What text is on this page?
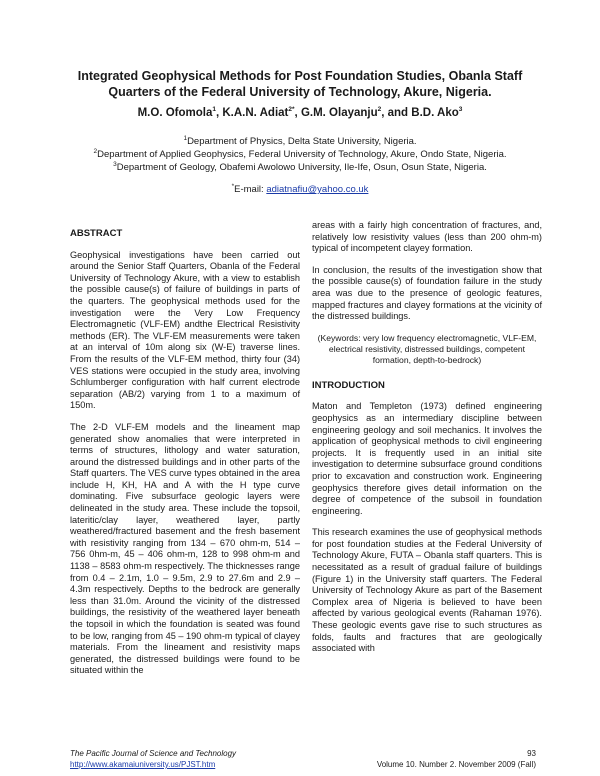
Integrated Geophysical Methods for Post Foundation Studies, Obanla Staff Quarters of the Federal University of Technology, Akure, Nigeria.
M.O. Ofomola$^1$, K.A.N. Adiat$^{2*}$, G.M. Olayanju$^2$, and B.D. Ako$^3$
$^1$Department of Physics, Delta State University, Nigeria.
$^2$Department of Applied Geophysics, Federal University of Technology, Akure, Ondo State, Nigeria.
$^3$Department of Geology, Obafemi Awolowo University, Ile-Ife, Osun, Osun State, Nigeria.
*E-mail: adiatnafiu@yahoo.co.uk
ABSTRACT

Geophysical investigations have been carried out around the Senior Staff Quarters, Obanla of the Federal University of Technology Akure, with a view to establish the possible cause(s) of failure of buildings in parts of the quarters. The geophysical methods used for the investigation were the Very Low Frequency Electromagnetic (VLF-EM) andthe Electrical Resistivity methods (ER). The VLF-EM measurements were taken at an interval of 10m along six (W-E) traverse lines. From the results of the VLF-EM method, thirty four (34) VES stations were occupied in the study area, involving Schlumberger configuration with half current electrode separation (AB/2) varying from 1 to a maximum of 150m.

The 2-D VLF-EM models and the lineament map generated show anomalies that were interpreted in terms of structures, lithology and water saturation, around the distressed buildings and in other parts of the Staff quarters. The VES curve types obtained in the area include H, KH, HA and A with the H type curve dominating. Five subsurface geologic layers were delineated in the study area. These include the topsoil, lateritic/clay layer, weathered layer, partly weathered/fractured basement and the fresh basement with resistivity ranging from 134 – 670 ohm-m, 514 – 756 0hm-m, 45 – 406 ohm-m, 128 to 998 ohm-m and 1138 – 8583 ohm-m respectively. The thicknesses range from 0.4 – 2.1m, 1.0 – 9.5m, 2.9 to 27.6m and 2.9 – 4.3m respectively. Depths to the bedrock are generally less than 31.0m. Around the vicinity of the distressed buildings, the resistivity of the weathered layer beneath the topsoil in which the foundation is seated was found to be low, ranging from 45 – 190 ohm-m typical of clayey materials. From the lineament and resistivity maps generated, the distressed buildings were found to be situated within the

areas with a fairly high concentration of fractures, and, relatively low resistivity values (less than 200 ohm-m) typical of incompetent clayey formation.

In conclusion, the results of the investigation show that the possible cause(s) of foundation failure in the study area was due to the presence of geologic features, mapped fractures and clayey formations at the vicinity of the distressed buildings.

(Keywords: very low frequency electromagnetic, VLF-EM, electrical resistivity, distressed buildings, competent formation, depth-to-bedrock)
INTRODUCTION

Maton and Templeton (1973) defined engineering geophysics as an intermediary discipline between engineering geology and soil mechanics. It involves the application of geophysical methods to civil engineering projects. It is frequently used in an initial site investigation to determine subsurface ground conditions prior to excavation and construction work. Engineering geophysics therefore gives detail information on the degree of competence of the subsoil in foundation engineering.

This research examines the use of geophysical methods for post foundation studies at the Federal University of Technology Akure, FUTA – Obanla staff quarters. This is necessitated as a result of gradual failure of buildings (Figure 1) in the University staff quarters. The Federal University of Technology Akure as part of the Basement Complex area of Nigeria is believed to have been affected by various geological events (Rahaman 1976). These geologic events gave rise to such structures as folds, faults and fractures that are geologically associated with

The Pacific Journal of Science and Technology
http://www.akamaiuniversity.us/PJST.htm
93
Volume 10. Number 2. November 2009 (Fall)
